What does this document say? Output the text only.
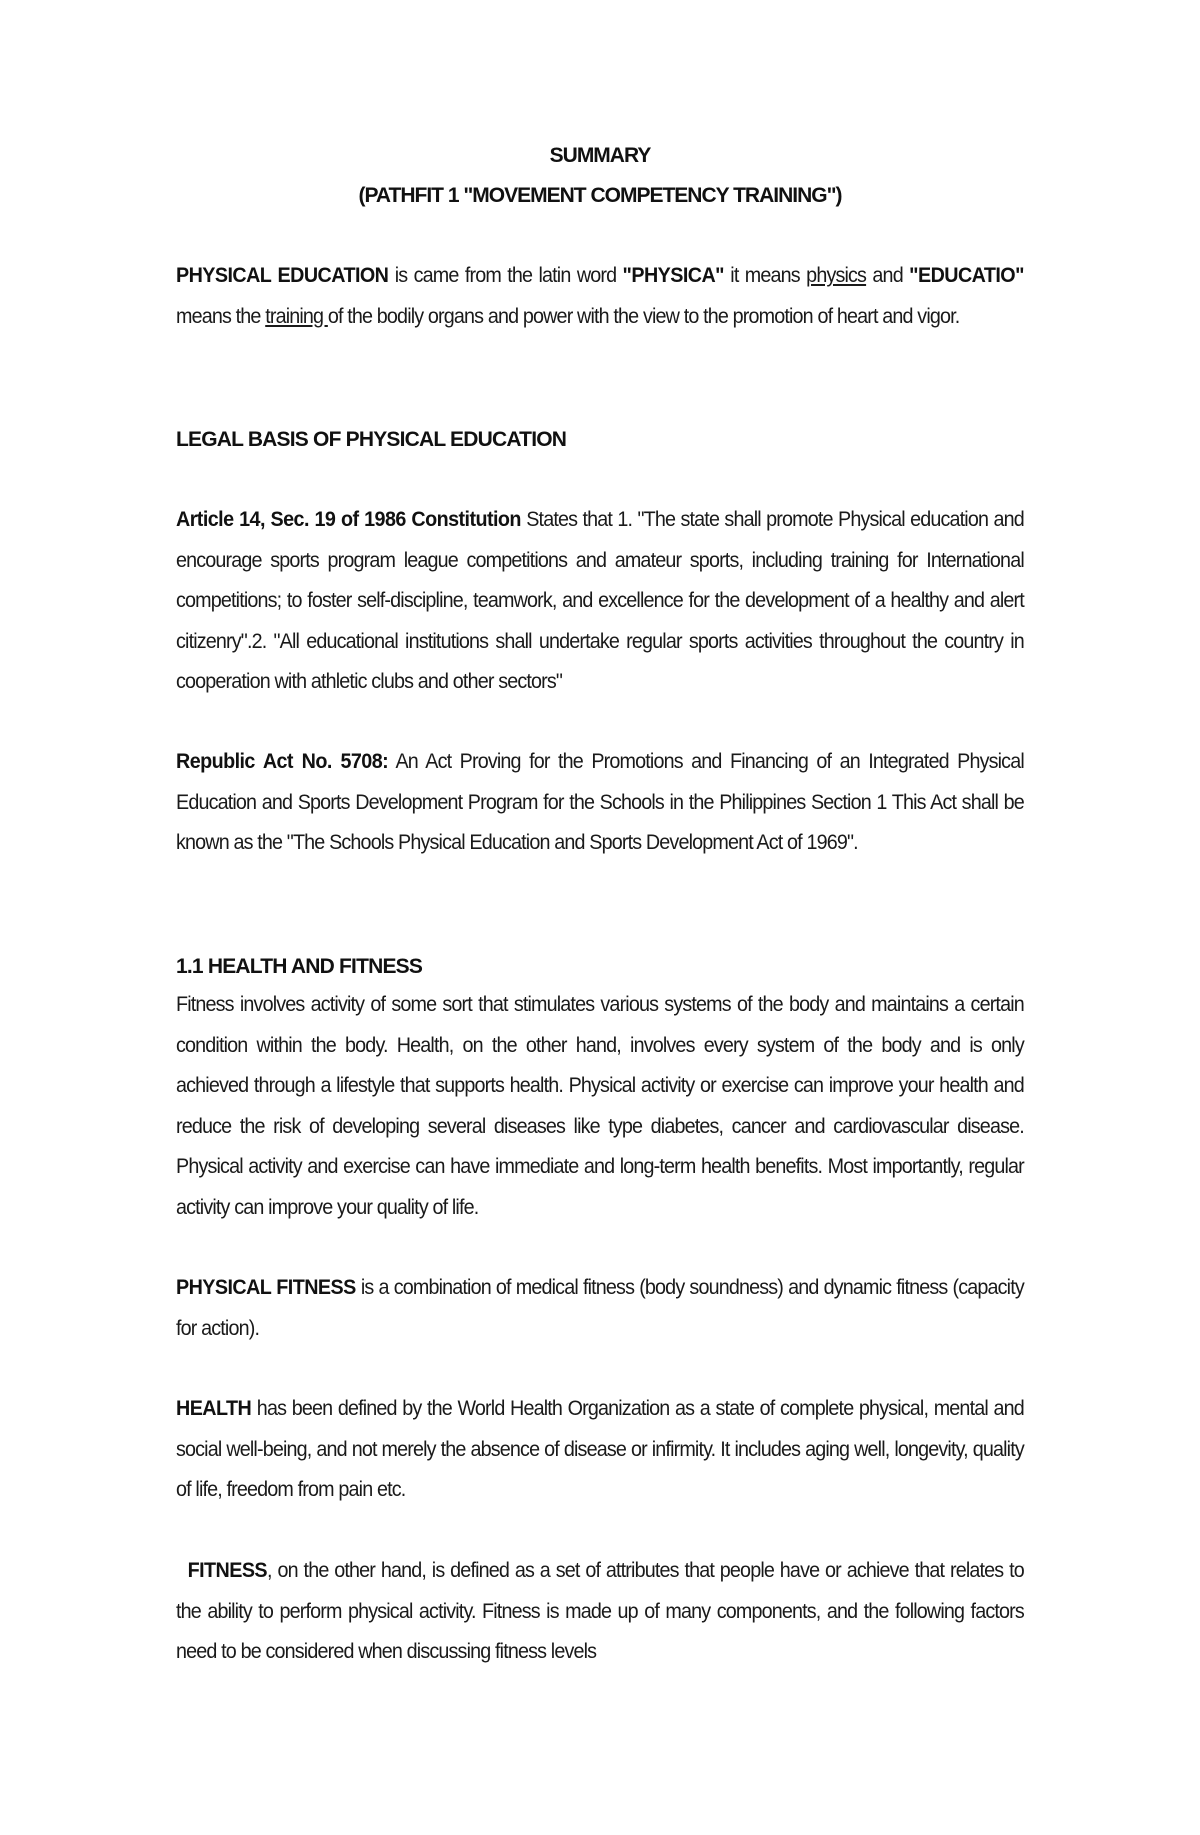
SUMMARY
(PATHFIT 1 "MOVEMENT COMPETENCY TRAINING")
PHYSICAL EDUCATION is came from the latin word "PHYSICA" it means physics and "EDUCATIO" means the training of the bodily organs and power with the view to the promotion of heart and vigor.
LEGAL BASIS OF PHYSICAL EDUCATION
Article 14, Sec. 19 of 1986 Constitution States that 1. "The state shall promote Physical education and encourage sports program league competitions and amateur sports, including training for International competitions; to foster self-discipline, teamwork, and excellence for the development of a healthy and alert citizenry".2. "All educational institutions shall undertake regular sports activities throughout the country in cooperation with athletic clubs and other sectors"
Republic Act No. 5708: An Act Proving for the Promotions and Financing of an Integrated Physical Education and Sports Development Program for the Schools in the Philippines Section 1 This Act shall be known as the "The Schools Physical Education and Sports Development Act of 1969".
1.1 HEALTH AND FITNESS
Fitness involves activity of some sort that stimulates various systems of the body and maintains a certain condition within the body. Health, on the other hand, involves every system of the body and is only achieved through a lifestyle that supports health. Physical activity or exercise can improve your health and reduce the risk of developing several diseases like type diabetes, cancer and cardiovascular disease. Physical activity and exercise can have immediate and long-term health benefits. Most importantly, regular activity can improve your quality of life.
PHYSICAL FITNESS is a combination of medical fitness (body soundness) and dynamic fitness (capacity for action).
HEALTH has been defined by the World Health Organization as a state of complete physical, mental and social well-being, and not merely the absence of disease or infirmity. It includes aging well, longevity, quality of life, freedom from pain etc.
FITNESS, on the other hand, is defined as a set of attributes that people have or achieve that relates to the ability to perform physical activity. Fitness is made up of many components, and the following factors need to be considered when discussing fitness levels
